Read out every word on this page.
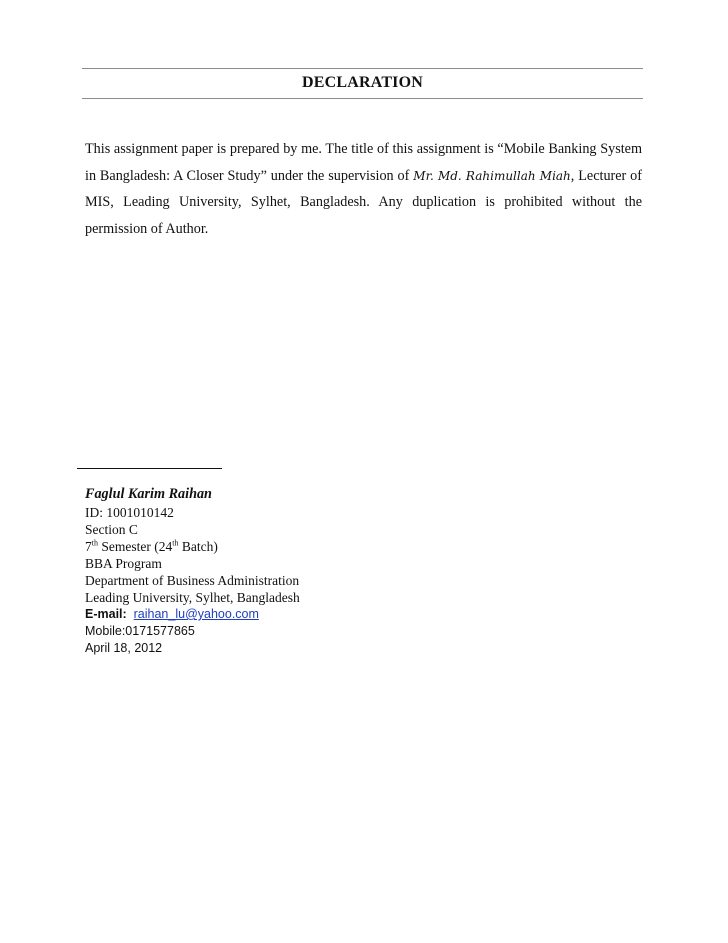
DECLARATION

This assignment paper is prepared by me. The title of this assignment is “Mobile Banking System in Bangladesh: A Closer Study” under the supervision of Mr. Md. Rahimullah Miah, Lecturer of MIS, Leading University, Sylhet, Bangladesh. Any duplication is prohibited without the permission of Author.

Faglul Karim Raihan
ID: 1001010142
Section C
7th Semester (24th Batch)
BBA Program
Department of Business Administration
Leading University, Sylhet, Bangladesh
E-mail: raihan_lu@yahoo.com
Mobile:0171577865
April 18, 2012
